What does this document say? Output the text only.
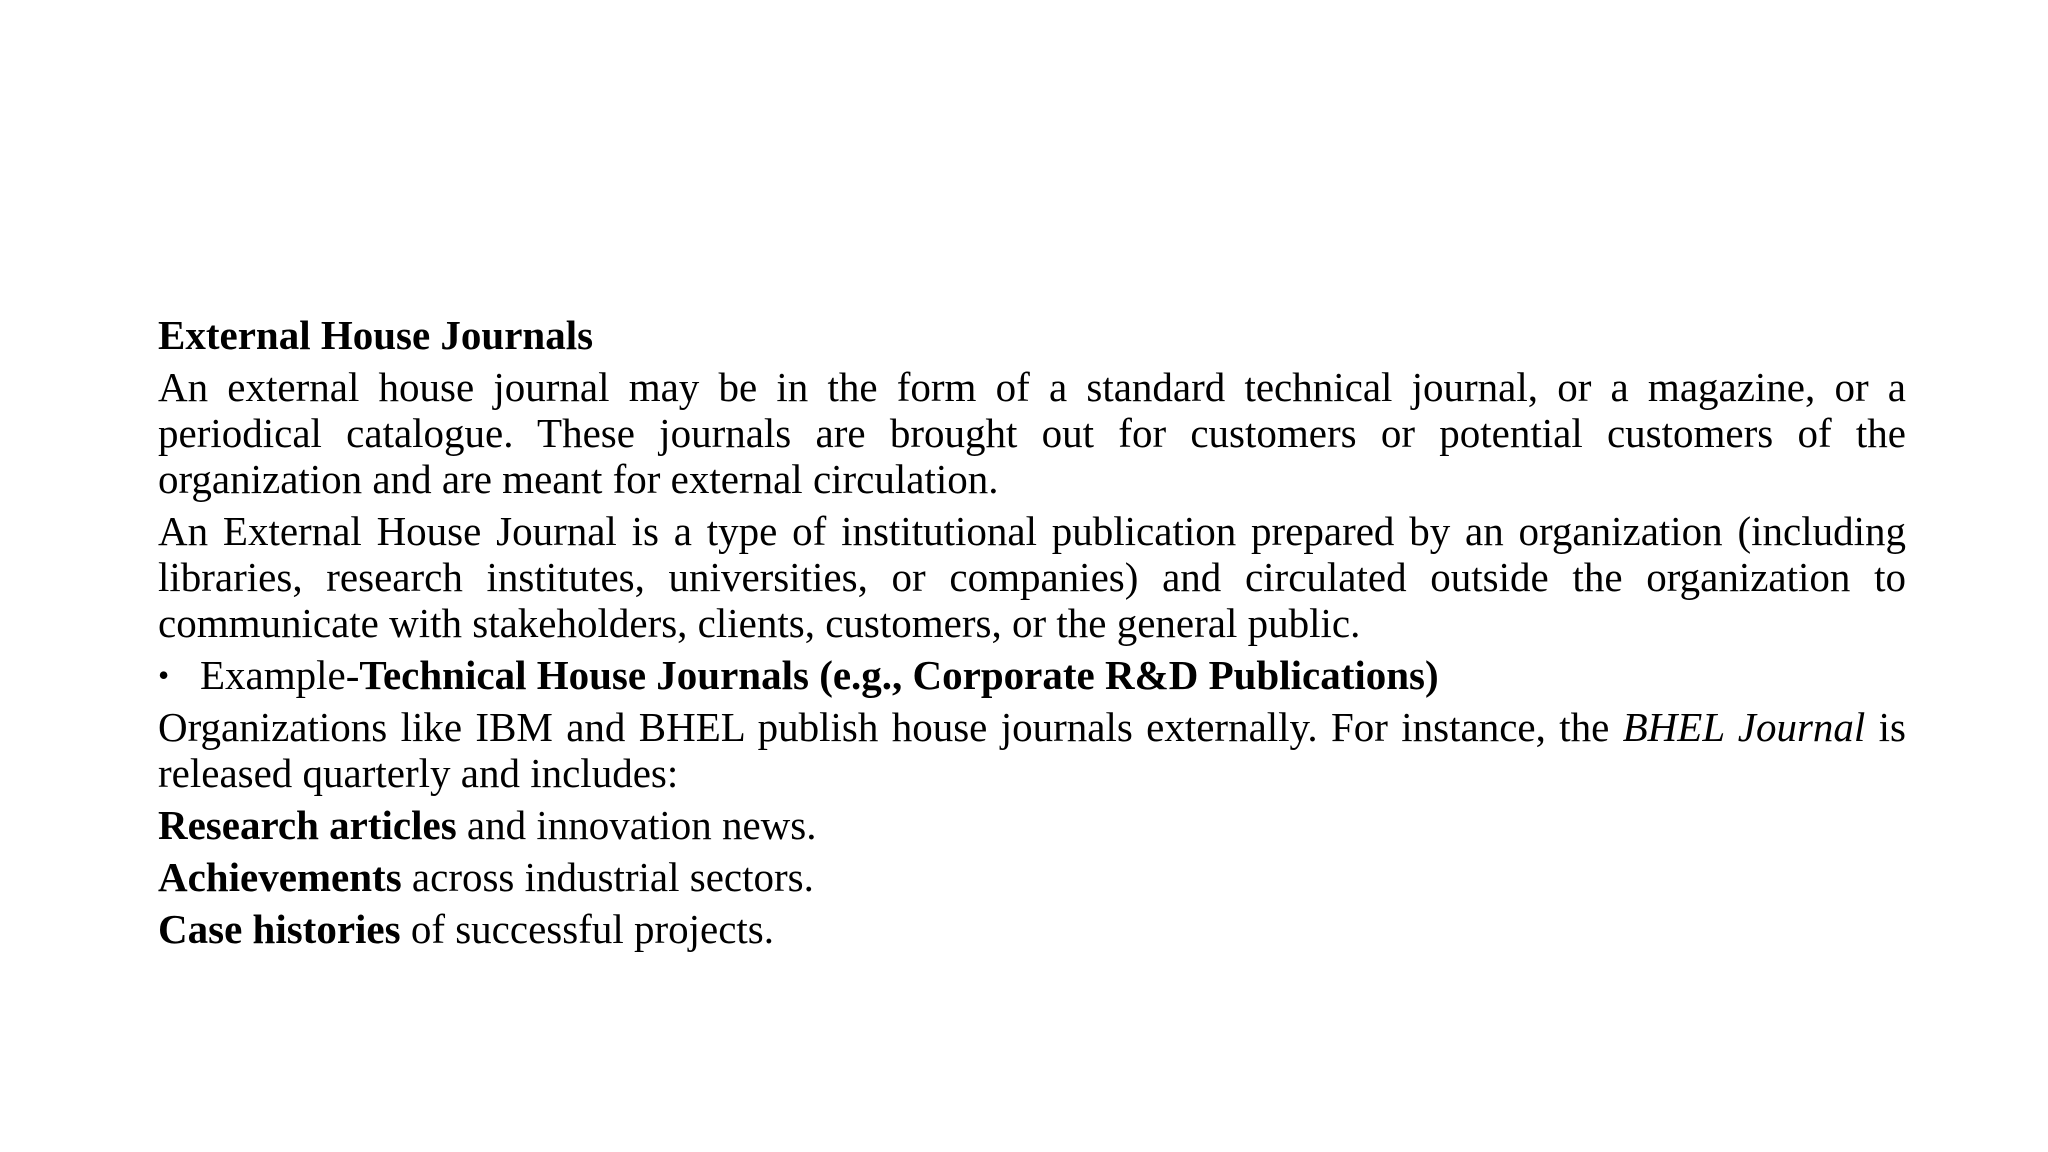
External House Journals
An external house journal may be in the form of a standard technical journal, or a magazine, or a periodical catalogue. These journals are brought out for customers or potential customers of the organization and are meant for external circulation.
An External House Journal is a type of institutional publication prepared by an organization (including libraries, research institutes, universities, or companies) and circulated outside the organization to communicate with stakeholders, clients, customers, or the general public.
• Example-Technical House Journals (e.g., Corporate R&D Publications)
Organizations like IBM and BHEL publish house journals externally. For instance, the BHEL Journal is released quarterly and includes:
Research articles and innovation news.
Achievements across industrial sectors.
Case histories of successful projects.
